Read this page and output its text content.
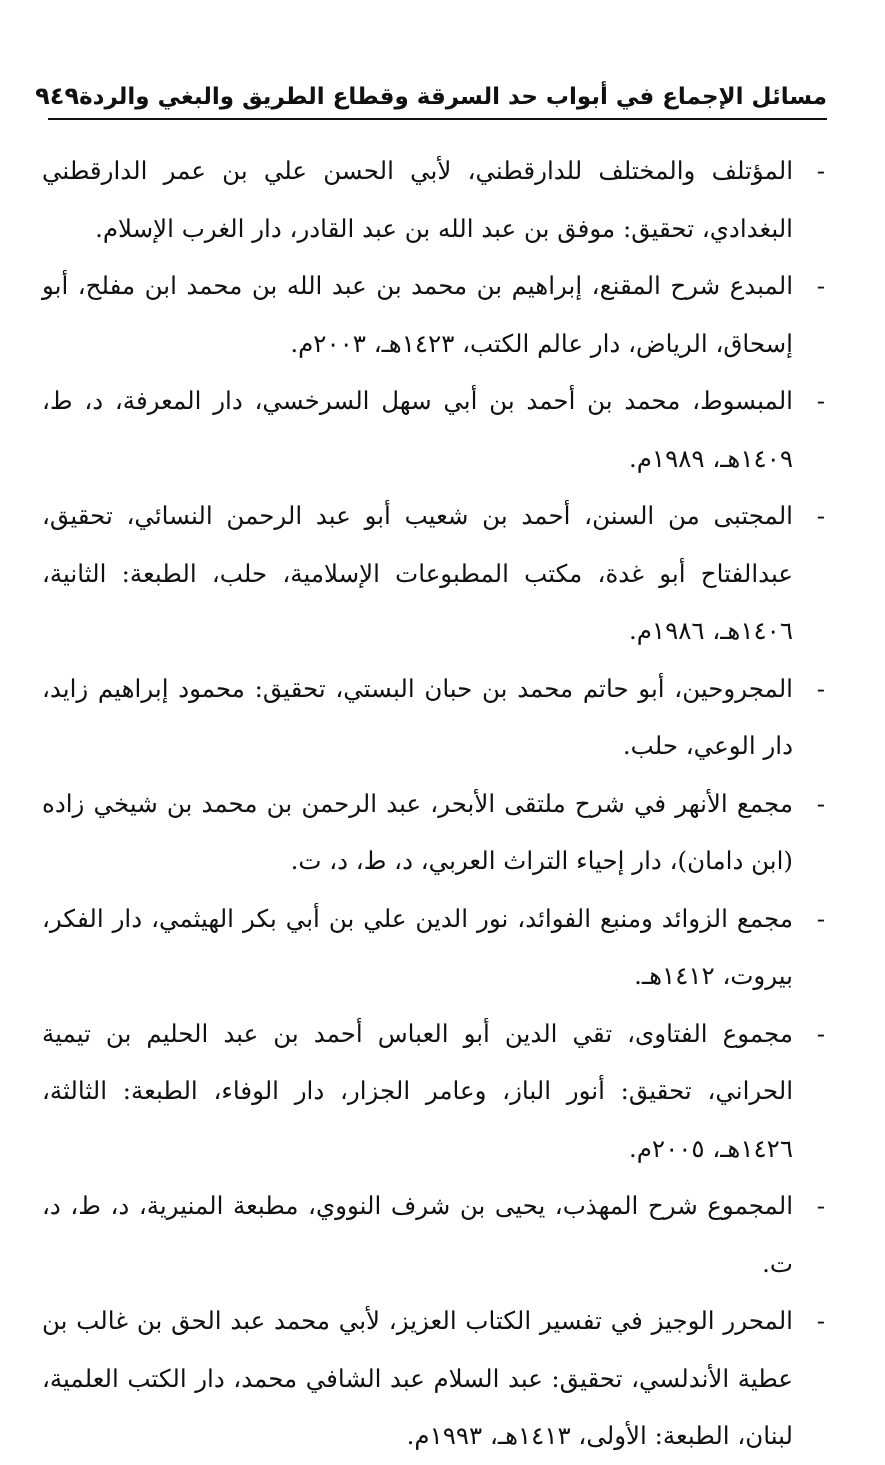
مسائل الإجماع في أبواب حد السرقة وقطاع الطريق والبغي والردة
٩٤٩
-
المؤتلف والمختلف للدارقطني، لأبي الحسن علي بن عمر الدارقطني البغدادي، تحقيق: موفق بن عبد الله بن عبد القادر، دار الغرب الإسلام.
-
المبدع شرح المقنع، إبراهيم بن محمد بن عبد الله بن محمد ابن مفلح، أبو إسحاق، الرياض، دار عالم الكتب، ١٤٢٣هـ، ٢٠٠٣م.
-
المبسوط، محمد بن أحمد بن أبي سهل السرخسي، دار المعرفة، د، ط، ١٤٠٩هـ، ١٩٨٩م.
-
المجتبى من السنن، أحمد بن شعيب أبو عبد الرحمن النسائي، تحقيق، عبدالفتاح أبو غدة، مكتب المطبوعات الإسلامية، حلب، الطبعة: الثانية، ١٤٠٦هـ، ١٩٨٦م.
-
المجروحين، أبو حاتم محمد بن حبان البستي، تحقيق: محمود إبراهيم زايد، دار الوعي، حلب.
-
مجمع الأنهر في شرح ملتقى الأبحر، عبد الرحمن بن محمد بن شيخي زاده (ابن دامان)، دار إحياء التراث العربي، د، ط، د، ت.
-
مجمع الزوائد ومنبع الفوائد، نور الدين علي بن أبي بكر الهيثمي، دار الفكر، بيروت، ١٤١٢هـ.
-
مجموع الفتاوى، تقي الدين أبو العباس أحمد بن عبد الحليم بن تيمية الحراني، تحقيق: أنور الباز، وعامر الجزار، دار الوفاء، الطبعة: الثالثة، ١٤٢٦هـ، ٢٠٠٥م.
-
المجموع شرح المهذب، يحيى بن شرف النووي، مطبعة المنيرية، د، ط، د، ت.
-
المحرر الوجيز في تفسير الكتاب العزيز، لأبي محمد عبد الحق بن غالب بن عطية الأندلسي، تحقيق: عبد السلام عبد الشافي محمد، دار الكتب العلمية، لبنان، الطبعة: الأولى، ١٤١٣هـ، ١٩٩٣م.
